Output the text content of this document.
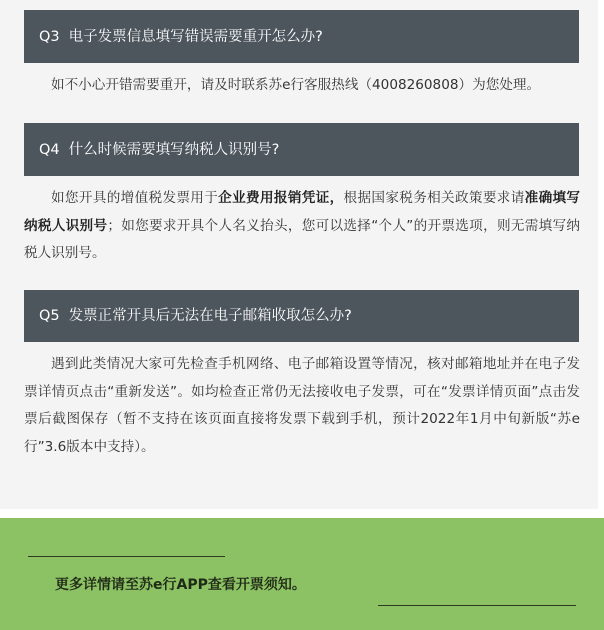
Q3 电子发票信息填写错误需要重开怎么办?

如不小心开错需要重开，请及时联系苏e行客服热线（4008260808）为您处理。

Q4 什么时候需要填写纳税人识别号?

如您开具的增值税发票用于企业费用报销凭证，根据国家税务相关政策要求请准确填写纳税人识别号；如您要求开具个人名义抬头，您可以选择“个人”的开票选项，则无需填写纳税人识别号。

Q5 发票正常开具后无法在电子邮箱收取怎么办?

遇到此类情况大家可先检查手机网络、电子邮箱设置等情况，核对邮箱地址并在电子发票详情页点击“重新发送”。如均检查正常仍无法接收电子发票，可在“发票详情页面”点击发票后截图保存（暂不支持在该页面直接将发票下载到手机，预计2022年1月中旬新版“苏e行”3.6版本中支持）。

更多详情请至苏e行APP查看开票须知。
